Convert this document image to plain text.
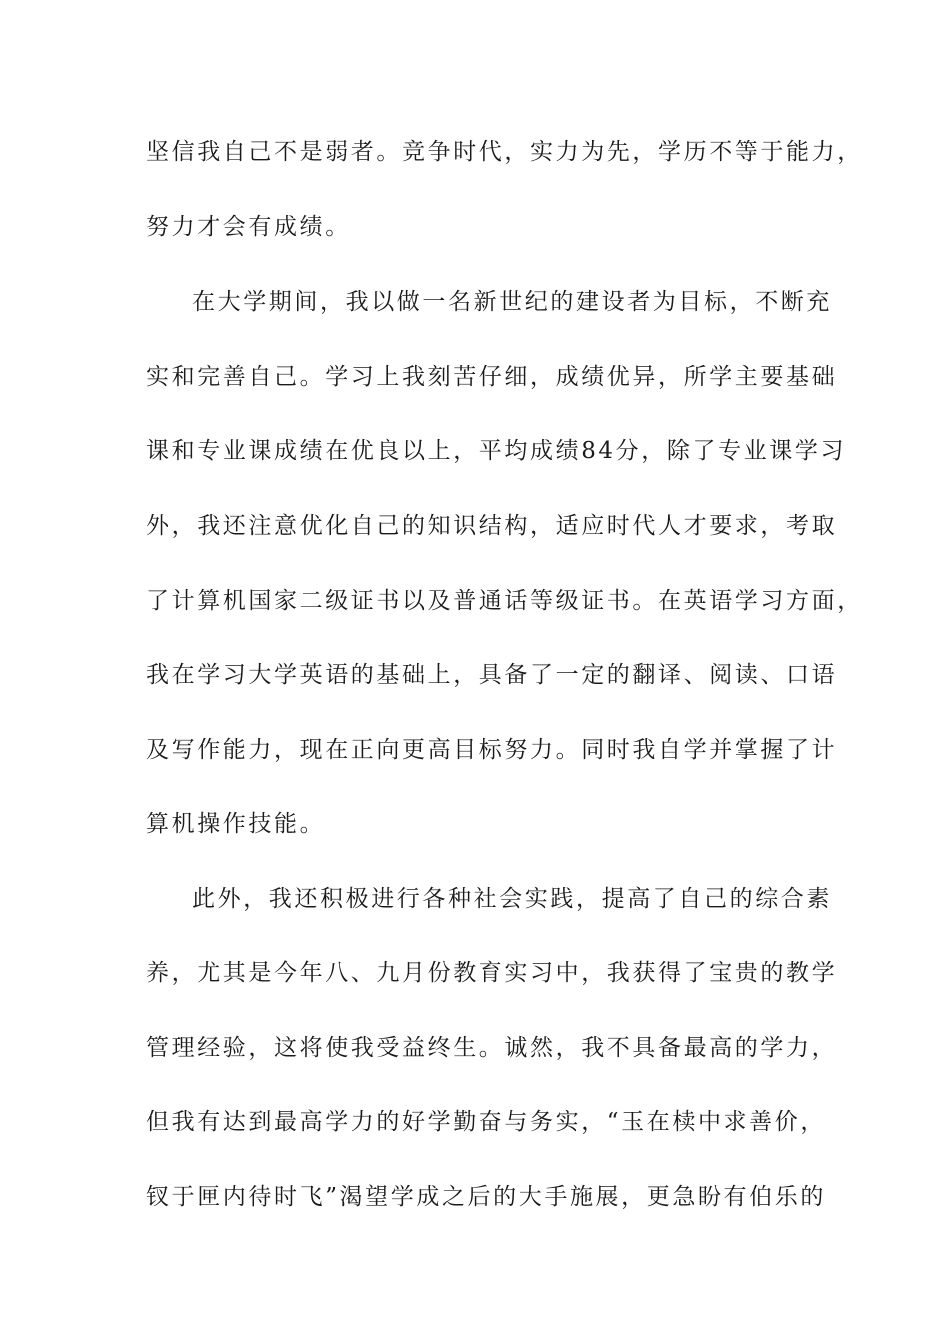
坚信我自己不是弱者。竞争时代，实力为先，学历不等于能力，
努力才会有成绩。
在大学期间，我以做一名新世纪的建设者为目标，不断充
实和完善自己。学习上我刻苦仔细，成绩优异，所学主要基础
课和专业课成绩在优良以上，平均成绩84分，除了专业课学习
外，我还注意优化自己的知识结构，适应时代人才要求，考取
了计算机国家二级证书以及普通话等级证书。在英语学习方面，
我在学习大学英语的基础上，具备了一定的翻译、阅读、口语
及写作能力，现在正向更高目标努力。同时我自学并掌握了计
算机操作技能。
此外，我还积极进行各种社会实践，提高了自己的综合素
养，尤其是今年八、九月份教育实习中，我获得了宝贵的教学
管理经验，这将使我受益终生。诚然，我不具备最高的学力，
但我有达到最高学力的好学勤奋与务实，“玉在椟中求善价，
钗于匣内待时飞”渴望学成之后的大手施展，更急盼有伯乐的
